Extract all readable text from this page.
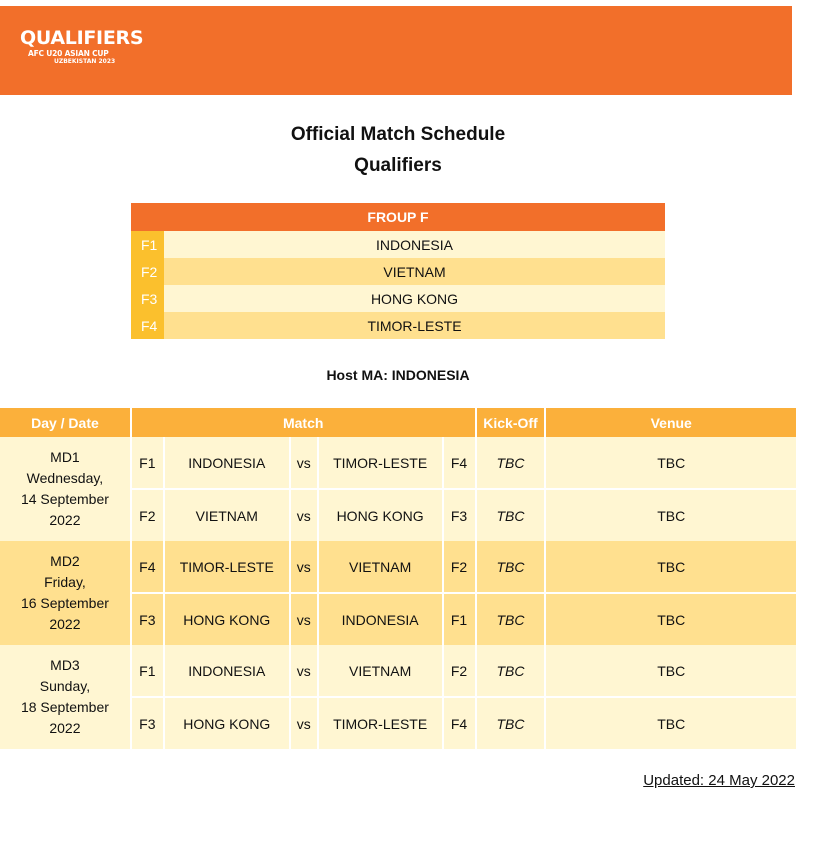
QUALIFIERS
AFC U20 ASIAN CUP
UZBEKISTAN 2023
Official Match Schedule
Qualifiers
FROUP F	
F1	INDONESIA
F2	VIETNAM
F3	HONG KONG
F4	TIMOR-LESTE
Host MA: INDONESIA
Day / Date	Match					Kick-Off	Venue

MD1
Wednesday,
14 September
2022	F1	INDONESIA	vs	TIMOR-LESTE	F4	TBC	TBC
	F2	VIETNAM	vs	HONG KONG	F3	TBC	TBC

MD2
Friday,
16 September
2022	F4	TIMOR-LESTE	vs	VIETNAM	F2	TBC	TBC
	F3	HONG KONG	vs	INDONESIA	F1	TBC	TBC

MD3
Sunday,
18 September
2022	F1	INDONESIA	vs	VIETNAM	F2	TBC	TBC
	F3	HONG KONG	vs	TIMOR-LESTE	F4	TBC	TBC
Updated: 24 May 2022
